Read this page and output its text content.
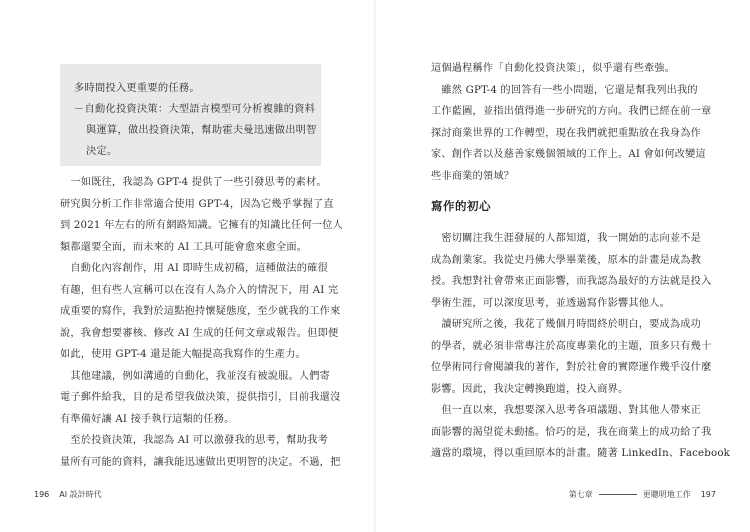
多時間投入更重要的任務。

－自動化投資決策：大型語言模型可分析複雜的資料

與運算，做出投資決策，幫助霍夫曼迅速做出明智

決定。

　一如既往，我認為 GPT-4 提供了一些引發思考的素材。

研究與分析工作非常適合使用 GPT-4，因為它幾乎掌握了直

到 2021 年左右的所有網路知識。它擁有的知識比任何一位人

類都還要全面，而未來的 AI 工具可能會愈來愈全面。

　自動化內容創作，用 AI 即時生成初稿，這種做法的確很

有趣，但有些人宣稱可以在沒有人為介入的情況下，用 AI 完

成重要的寫作，我對於這點抱持懷疑態度，至少就我的工作來

說，我會想要審核、修改 AI 生成的任何文章或報告。但即便

如此，使用 GPT-4 還是能大幅提高我寫作的生產力。

　其他建議，例如溝通的自動化，我並沒有被說服。人們寄

電子郵件給我，目的是希望我做決策，提供指引，目前我還沒

有準備好讓 AI 接手執行這類的任務。

　至於投資決策，我認為 AI 可以激發我的思考，幫助我考

量所有可能的資料，讓我能迅速做出更明智的決定。不過，把

196 AI 設計時代

這個過程稱作「自動化投資決策」，似乎還有些牽強。

　雖然 GPT-4 的回答有一些小問題，它還是幫我列出我的

工作藍圖，並指出值得進一步研究的方向。我們已經在前一章

探討商業世界的工作轉型，現在我們就把重點放在我身為作

家、創作者以及慈善家幾個領域的工作上。AI 會如何改變這

些非商業的領域？

寫作的初心

　密切關注我生涯發展的人都知道，我一開始的志向並不是

成為創業家。我從史丹佛大學畢業後，原本的計畫是成為教

授。我想對社會帶來正面影響，而我認為最好的方法就是投入

學術生涯，可以深度思考，並透過寫作影響其他人。

　讀研究所之後，我花了幾個月時間終於明白，要成為成功

的學者，就必須非常專注於高度專業化的主題，頂多只有幾十

位學術同行會閱讀我的著作，對於社會的實際運作幾乎沒什麼

影響。因此，我決定轉換跑道，投入商界。

　但一直以來，我想要深入思考各項議題、對其他人帶來正

面影響的渴望從未動搖。恰巧的是，我在商業上的成功給了我

適當的環境，得以重回原本的計畫。隨著 LinkedIn、Facebook

第七章	更聰明地工作 197
